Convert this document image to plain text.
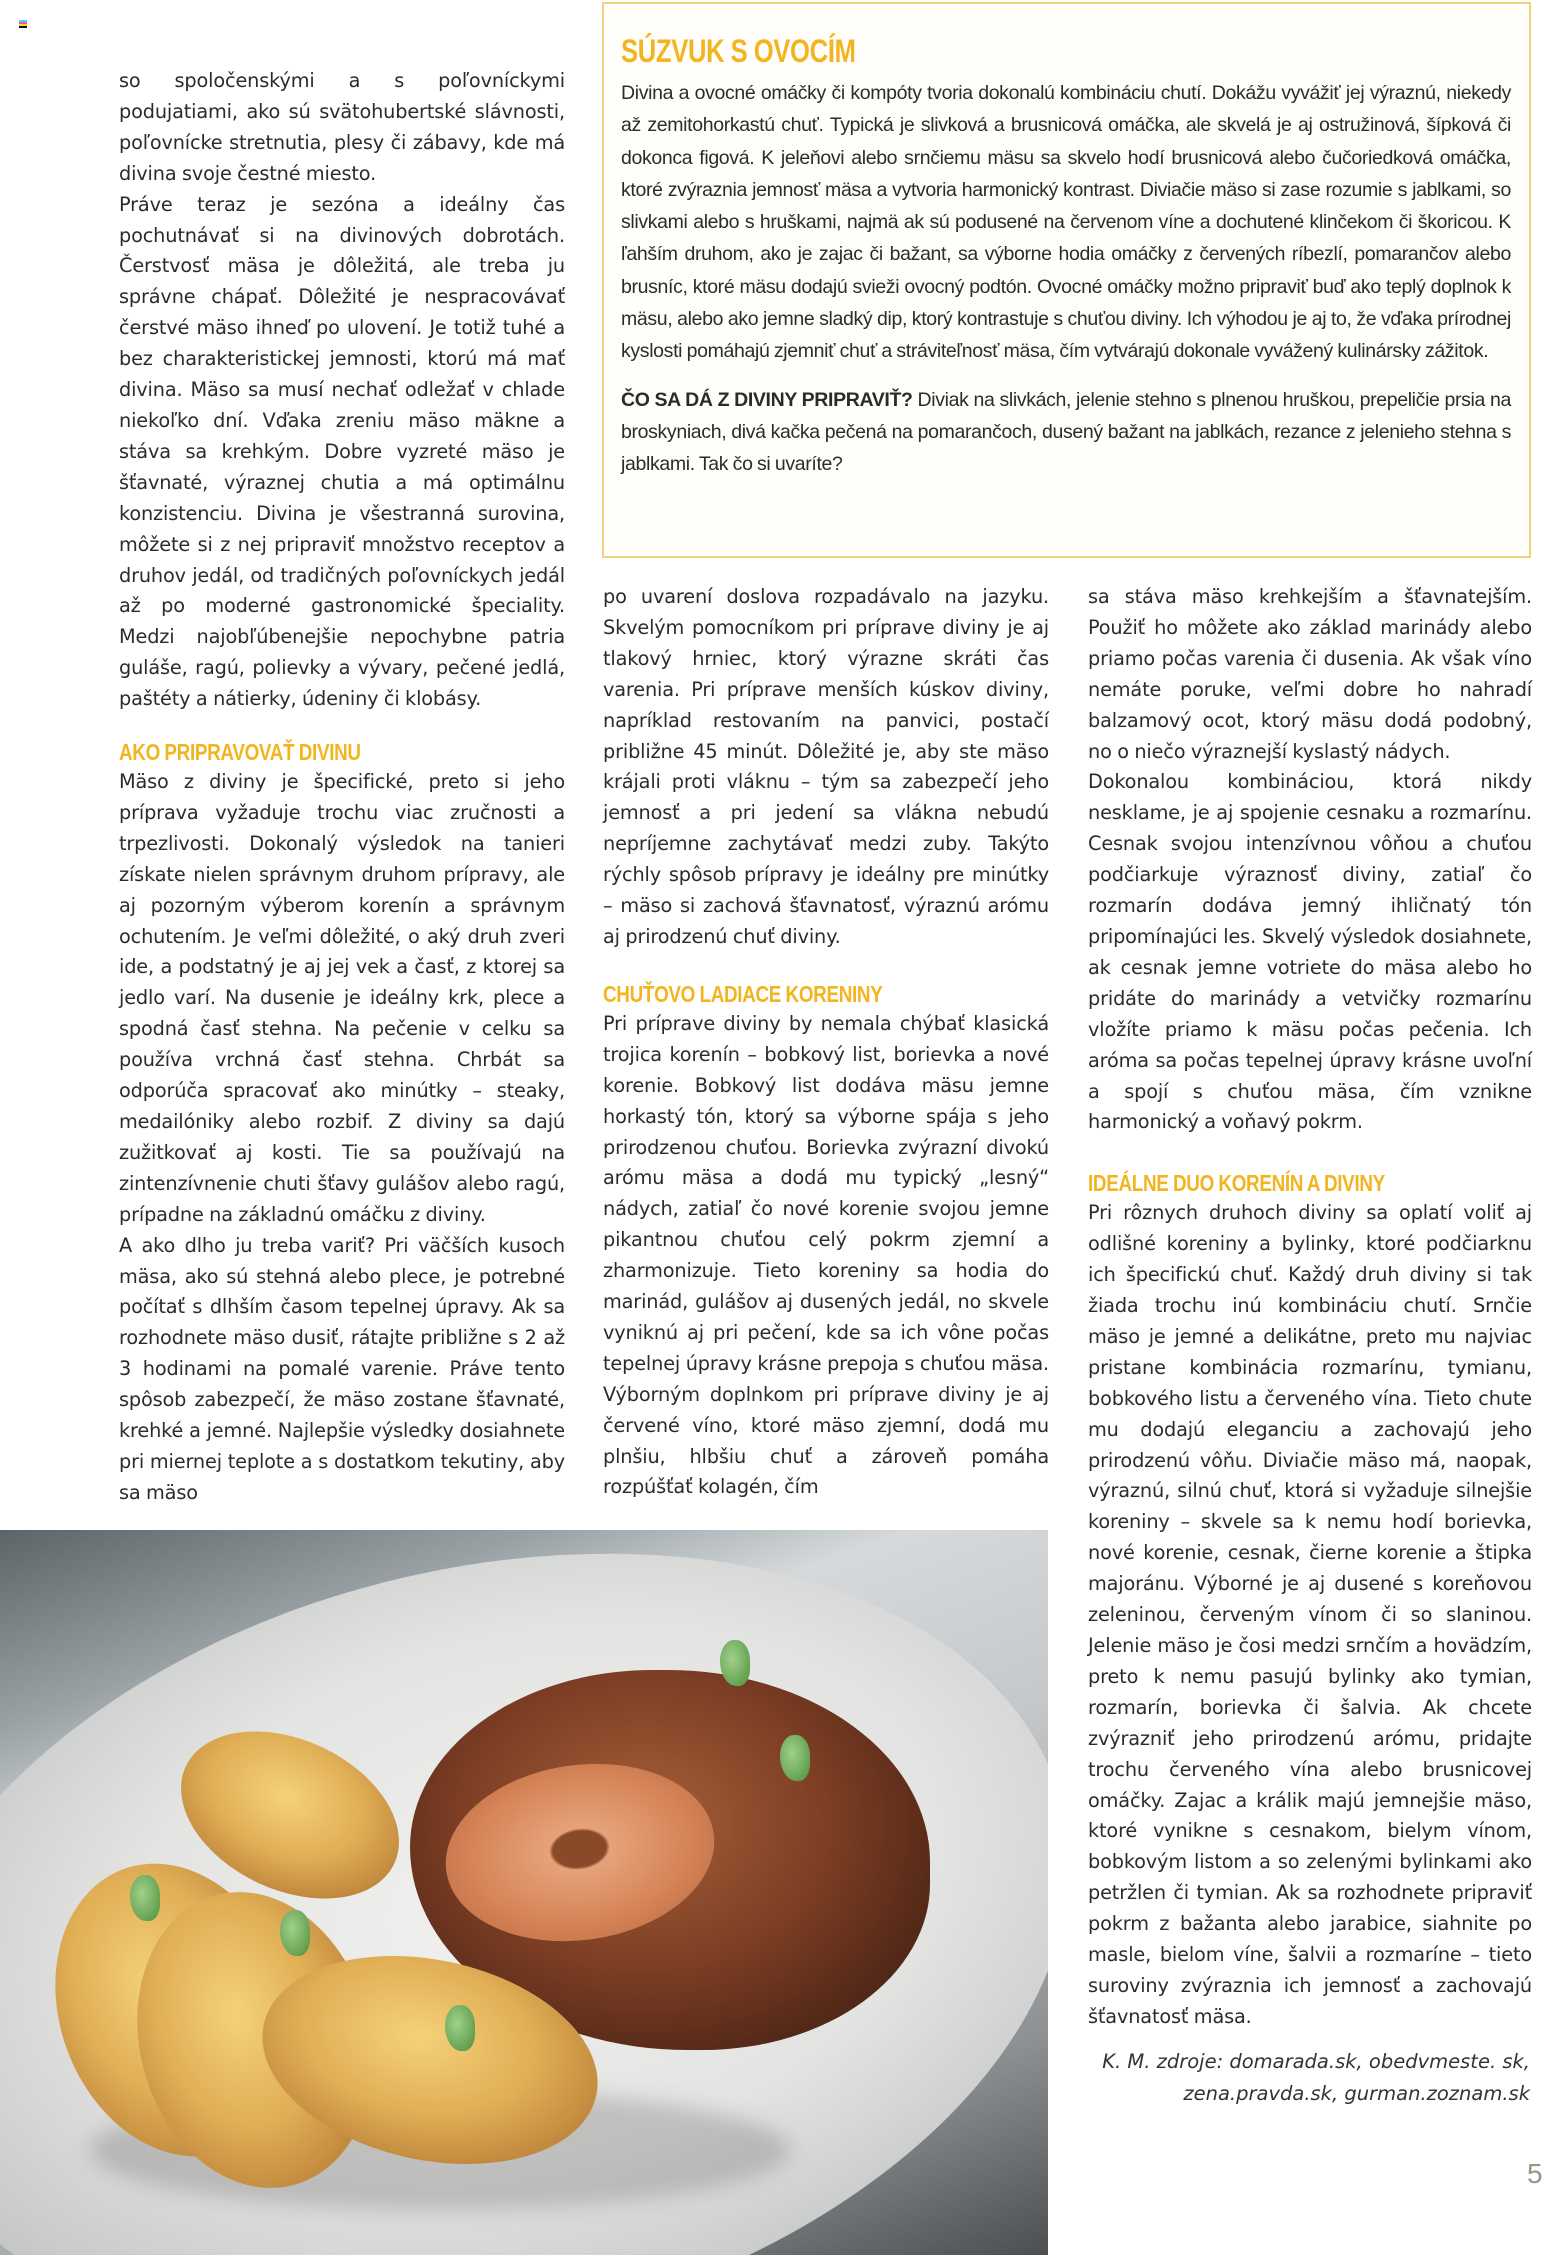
so spoločenskými a s poľovníckymi podujatiami, ako sú svätohubertské slávnosti, poľovnícke stretnutia, plesy či zábavy, kde má divina svoje čestné miesto.

Práve teraz je sezóna a ideálny čas pochutnávať si na divinových dobrotách. Čerstvosť mäsa je dôležitá, ale treba ju správne chápať. Dôležité je nespracovávať čerstvé mäso ihneď po ulovení. Je totiž tuhé a bez charakteristickej jemnosti, ktorú má mať divina. Mäso sa musí nechať odležať v chlade niekoľko dní. Vďaka zreniu mäso mäkne a stáva sa krehkým. Dobre vyzreté mäso je šťavnaté, výraznej chutia a má optimálnu konzistenciu. Divina je všestranná surovina, môžete si z nej pripraviť množstvo receptov a druhov jedál, od tradičných poľovníckych jedál až po moderné gastronomické špeciality. Medzi najobľúbenejšie nepochybne patria guláše, ragú, polievky a vývary, pečené jedlá, paštéty a nátierky, údeniny či klobásy.

AKO PRIPRAVOVAŤ DIVINU

Mäso z diviny je špecifické, preto si jeho príprava vyžaduje trochu viac zručnosti a trpezlivosti. Dokonalý výsledok na tanieri získate nielen správnym druhom prípravy, ale aj pozorným výberom korenín a správnym ochutením. Je veľmi dôležité, o aký druh zveri ide, a podstatný je aj jej vek a časť, z ktorej sa jedlo varí. Na dusenie je ideálny krk, plece a spodná časť stehna. Na pečenie v celku sa používa vrchná časť stehna. Chrbát sa odporúča spracovať ako minútky – steaky, medailóniky alebo rozbif. Z diviny sa dajú zužitkovať aj kosti. Tie sa používajú na zintenzívnenie chuti šťavy gulášov alebo ragú, prípadne na základnú omáčku z diviny.

A ako dlho ju treba variť? Pri väčších kusoch mäsa, ako sú stehná alebo plece, je potrebné počítať s dlhším časom tepelnej úpravy. Ak sa rozhodnete mäso dusiť, rátajte približne s 2 až 3 hodinami na pomalé varenie. Práve tento spôsob zabezpečí, že mäso zostane šťavnaté, krehké a jemné. Najlepšie výsledky dosiahnete pri miernej teplote a s dostatkom tekutiny, aby sa mäso

SÚZVUK S OVOCÍM

Divina a ovocné omáčky či kompóty tvoria dokonalú kombináciu chutí. Dokážu vyvážiť jej výraznú, niekedy až zemitohorkastú chuť. Typická je slivková a brusnicová omáčka, ale skvelá je aj ostružinová, šípková či dokonca figová. K jeleňovi alebo srnčiemu mäsu sa skvelo hodí brusnicová alebo čučoriedková omáčka, ktoré zvýraznia jemnosť mäsa a vytvoria harmonický kontrast. Diviačie mäso si zase rozumie s jablkami, so slivkami alebo s hruškami, najmä ak sú podusené na červenom víne a dochutené klinčekom či škoricou. K ľahším druhom, ako je zajac či bažant, sa výborne hodia omáčky z červených ríbezlí, pomarančov alebo brusníc, ktoré mäsu dodajú svieži ovocný podtón. Ovocné omáčky možno pripraviť buď ako teplý doplnok k mäsu, alebo ako jemne sladký dip, ktorý kontrastuje s chuťou diviny. Ich výhodou je aj to, že vďaka prírodnej kyslosti pomáhajú zjemniť chuť a stráviteľnosť mäsa, čím vytvárajú dokonale vyvážený kulinársky zážitok.

ČO SA DÁ Z DIVINY PRIPRAVIŤ? Diviak na slivkách, jelenie stehno s plnenou hruškou, prepeličie prsia na broskyniach, divá kačka pečená na pomarančoch, dusený bažant na jablkách, rezance z jelenieho stehna s jablkami. Tak čo si uvaríte?

po uvarení doslova rozpadávalo na jazyku. Skvelým pomocníkom pri príprave diviny je aj tlakový hrniec, ktorý výrazne skráti čas varenia. Pri príprave menších kúskov diviny, napríklad restovaním na panvici, postačí približne 45 minút. Dôležité je, aby ste mäso krájali proti vláknu – tým sa zabezpečí jeho jemnosť a pri jedení sa vlákna nebudú nepríjemne zachytávať medzi zuby. Takýto rýchly spôsob prípravy je ideálny pre minútky – mäso si zachová šťavnatosť, výraznú arómu aj prirodzenú chuť diviny.

CHUŤOVO LADIACE KORENINY

Pri príprave diviny by nemala chýbať klasická trojica korenín – bobkový list, borievka a nové korenie. Bobkový list dodáva mäsu jemne horkastý tón, ktorý sa výborne spája s jeho prirodzenou chuťou. Borievka zvýrazní divokú arómu mäsa a dodá mu typický „lesný“ nádych, zatiaľ čo nové korenie svojou jemne pikantnou chuťou celý pokrm zjemní a zharmonizuje. Tieto koreniny sa hodia do marinád, gulášov aj dusených jedál, no skvele vyniknú aj pri pečení, kde sa ich vône počas tepelnej úpravy krásne prepoja s chuťou mäsa. Výborným doplnkom pri príprave diviny je aj červené víno, ktoré mäso zjemní, dodá mu plnšiu, hlbšiu chuť a zároveň pomáha rozpúšťať kolagén, čím

sa stáva mäso krehkejším a šťavnatejším. Použiť ho môžete ako základ marinády alebo priamo počas varenia či dusenia. Ak však víno nemáte poruke, veľmi dobre ho nahradí balzamový ocot, ktorý mäsu dodá podobný, no o niečo výraznejší kyslastý nádych.

Dokonalou kombináciou, ktorá nikdy nesklame, je aj spojenie cesnaku a rozmarínu. Cesnak svojou intenzívnou vôňou a chuťou podčiarkuje výraznosť diviny, zatiaľ čo rozmarín dodáva jemný ihličnatý tón pripomínajúci les. Skvelý výsledok dosiahnete, ak cesnak jemne votriete do mäsa alebo ho pridáte do marinády a vetvičky rozmarínu vložíte priamo k mäsu počas pečenia. Ich aróma sa počas tepelnej úpravy krásne uvoľní a spojí s chuťou mäsa, čím vznikne harmonický a voňavý pokrm.

IDEÁLNE DUO KORENÍN A DIVINY

Pri rôznych druhoch diviny sa oplatí voliť aj odlišné koreniny a bylinky, ktoré podčiarknu ich špecifickú chuť. Každý druh diviny si tak žiada trochu inú kombináciu chutí. Srnčie mäso je jemné a delikátne, preto mu najviac pristane kombinácia rozmarínu, tymianu, bobkového listu a červeného vína. Tieto chute mu dodajú eleganciu a zachovajú jeho prirodzenú vôňu. Diviačie mäso má, naopak, výraznú, silnú chuť, ktorá si vyžaduje silnejšie koreniny – skvele sa k nemu hodí borievka, nové korenie, cesnak, čierne korenie a štipka majoránu. Výborné je aj dusené s koreňovou zeleninou, červeným vínom či so slaninou. Jelenie mäso je čosi medzi srnčím a hovädzím, preto k nemu pasujú bylinky ako tymian, rozmarín, borievka či šalvia. Ak chcete zvýrazniť jeho prirodzenú arómu, pridajte trochu červeného vína alebo brusnicovej omáčky. Zajac a králik majú jemnejšie mäso, ktoré vynikne s cesnakom, bielym vínom, bobkovým listom a so zelenými bylinkami ako petržlen či tymian. Ak sa rozhodnete pripraviť pokrm z bažanta alebo jarabice, siahnite po masle, bielom víne, šalvii a rozmaríne – tieto suroviny zvýraznia ich jemnosť a zachovajú šťavnatosť mäsa.

K. M. zdroje: domarada.sk, obedvmeste. sk, zena.pravda.sk, gurman.zoznam.sk
5
